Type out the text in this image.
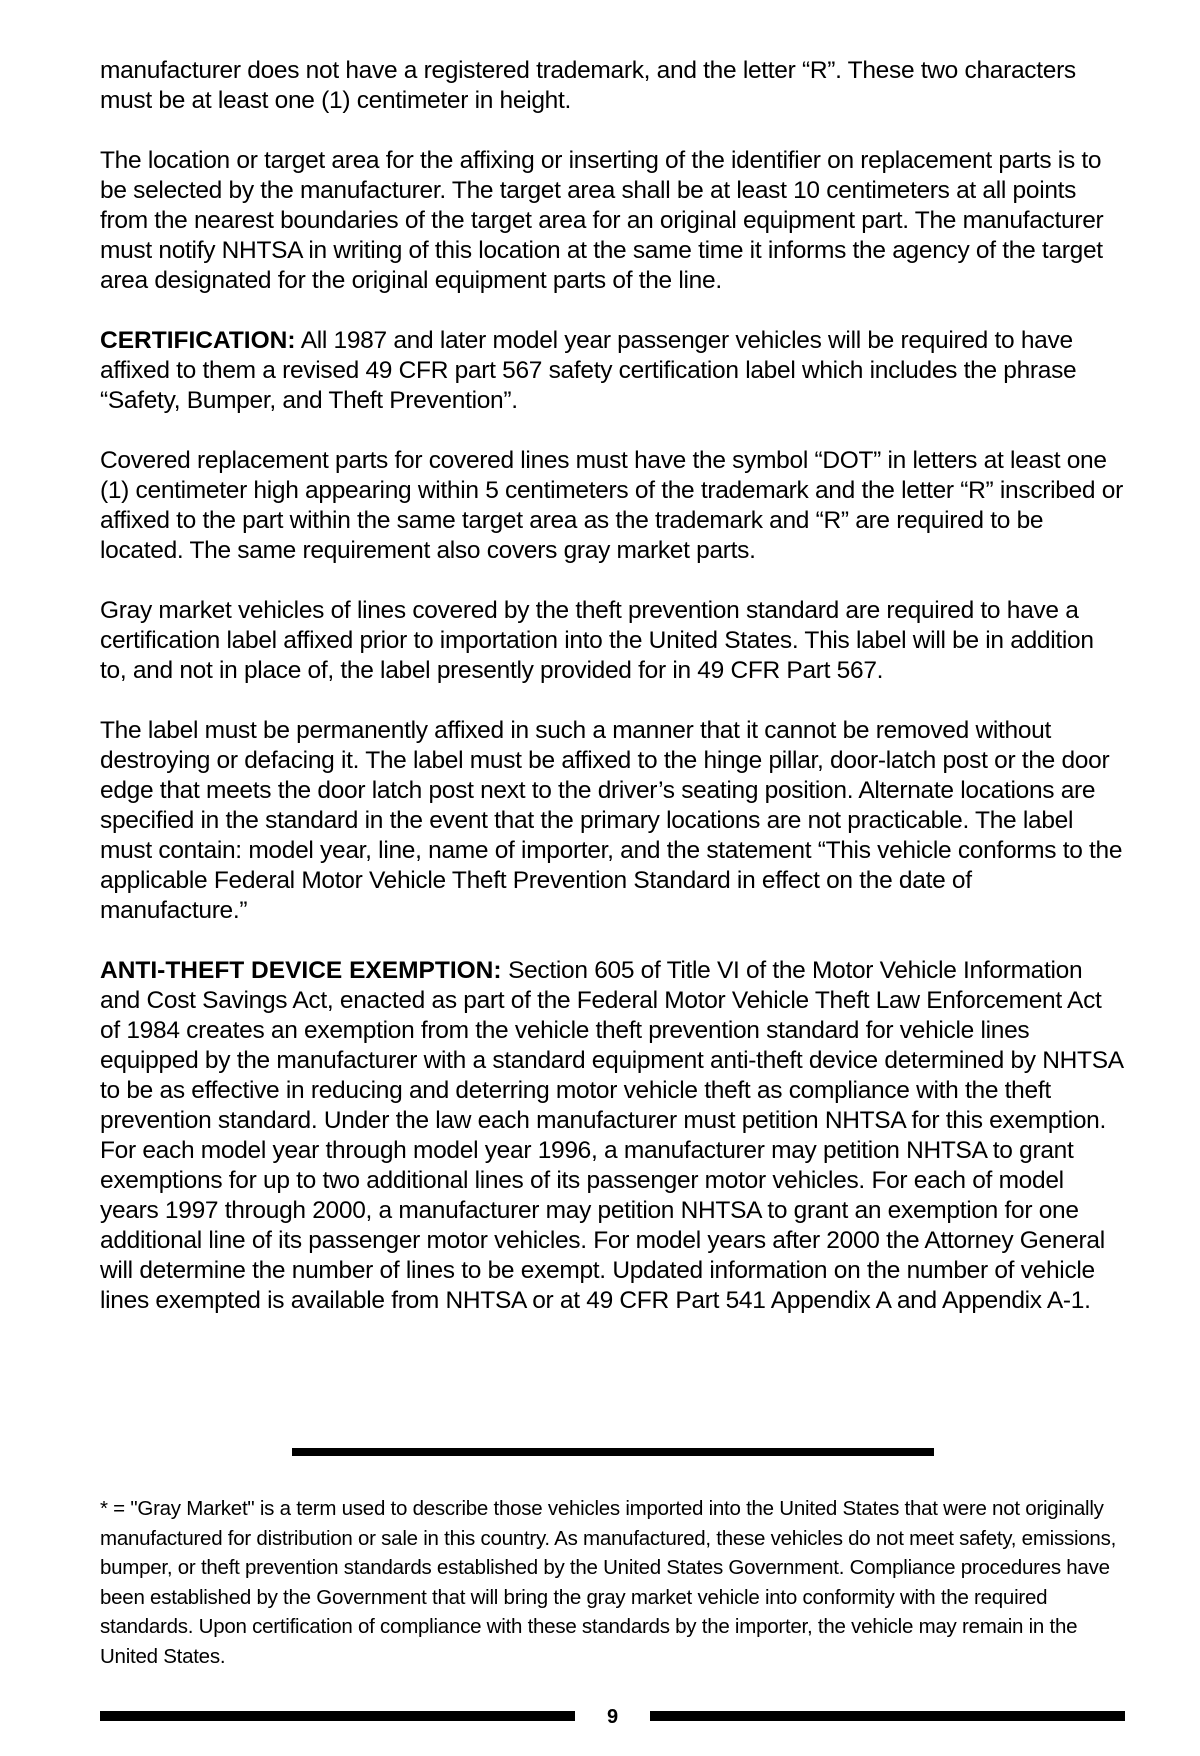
manufacturer does not have a registered trademark, and the letter “R”. These two characters must be at least one (1) centimeter in height.

The location or target area for the affixing or inserting of the identifier on replacement parts is to be selected by the manufacturer. The target area shall be at least 10 centimeters at all points from the nearest boundaries of the target area for an original equipment part. The manufacturer must notify NHTSA in writing of this location at the same time it informs the agency of the target area designated for the original equipment parts of the line.

CERTIFICATION: All 1987 and later model year passenger vehicles will be required to have affixed to them a revised 49 CFR part 567 safety certification label which includes the phrase “Safety, Bumper, and Theft Prevention”.

Covered replacement parts for covered lines must have the symbol “DOT” in letters at least one (1) centimeter high appearing within 5 centimeters of the trademark and the letter “R” inscribed or affixed to the part within the same target area as the trademark and “R” are required to be located. The same requirement also covers gray market parts.

Gray market vehicles of lines covered by the theft prevention standard are required to have a certification label affixed prior to importation into the United States. This label will be in addition to, and not in place of, the label presently provided for in 49 CFR Part 567.

The label must be permanently affixed in such a manner that it cannot be removed without destroying or defacing it. The label must be affixed to the hinge pillar, door-latch post or the door edge that meets the door latch post next to the driver’s seating position. Alternate locations are specified in the standard in the event that the primary locations are not practicable. The label must contain: model year, line, name of importer, and the statement “This vehicle conforms to the applicable Federal Motor Vehicle Theft Prevention Standard in effect on the date of manufacture.”

ANTI-THEFT DEVICE EXEMPTION: Section 605 of Title VI of the Motor Vehicle Information and Cost Savings Act, enacted as part of the Federal Motor Vehicle Theft Law Enforcement Act of 1984 creates an exemption from the vehicle theft prevention standard for vehicle lines equipped by the manufacturer with a standard equipment anti-theft device determined by NHTSA to be as effective in reducing and deterring motor vehicle theft as compliance with the theft prevention standard. Under the law each manufacturer must petition NHTSA for this exemption. For each model year through model year 1996, a manufacturer may petition NHTSA to grant exemptions for up to two additional lines of its passenger motor vehicles. For each of model years 1997 through 2000, a manufacturer may petition NHTSA to grant an exemption for one additional line of its passenger motor vehicles. For model years after 2000 the Attorney General will determine the number of lines to be exempt. Updated information on the number of vehicle lines exempted is available from NHTSA or at 49 CFR Part 541 Appendix A and Appendix A-1.

* = "Gray Market" is a term used to describe those vehicles imported into the United States that were not originally manufactured for distribution or sale in this country. As manufactured, these vehicles do not meet safety, emissions, bumper, or theft prevention standards established by the United States Government. Compliance procedures have been established by the Government that will bring the gray market vehicle into conformity with the required standards. Upon certification of compliance with these standards by the importer, the vehicle may remain in the United States.
9
